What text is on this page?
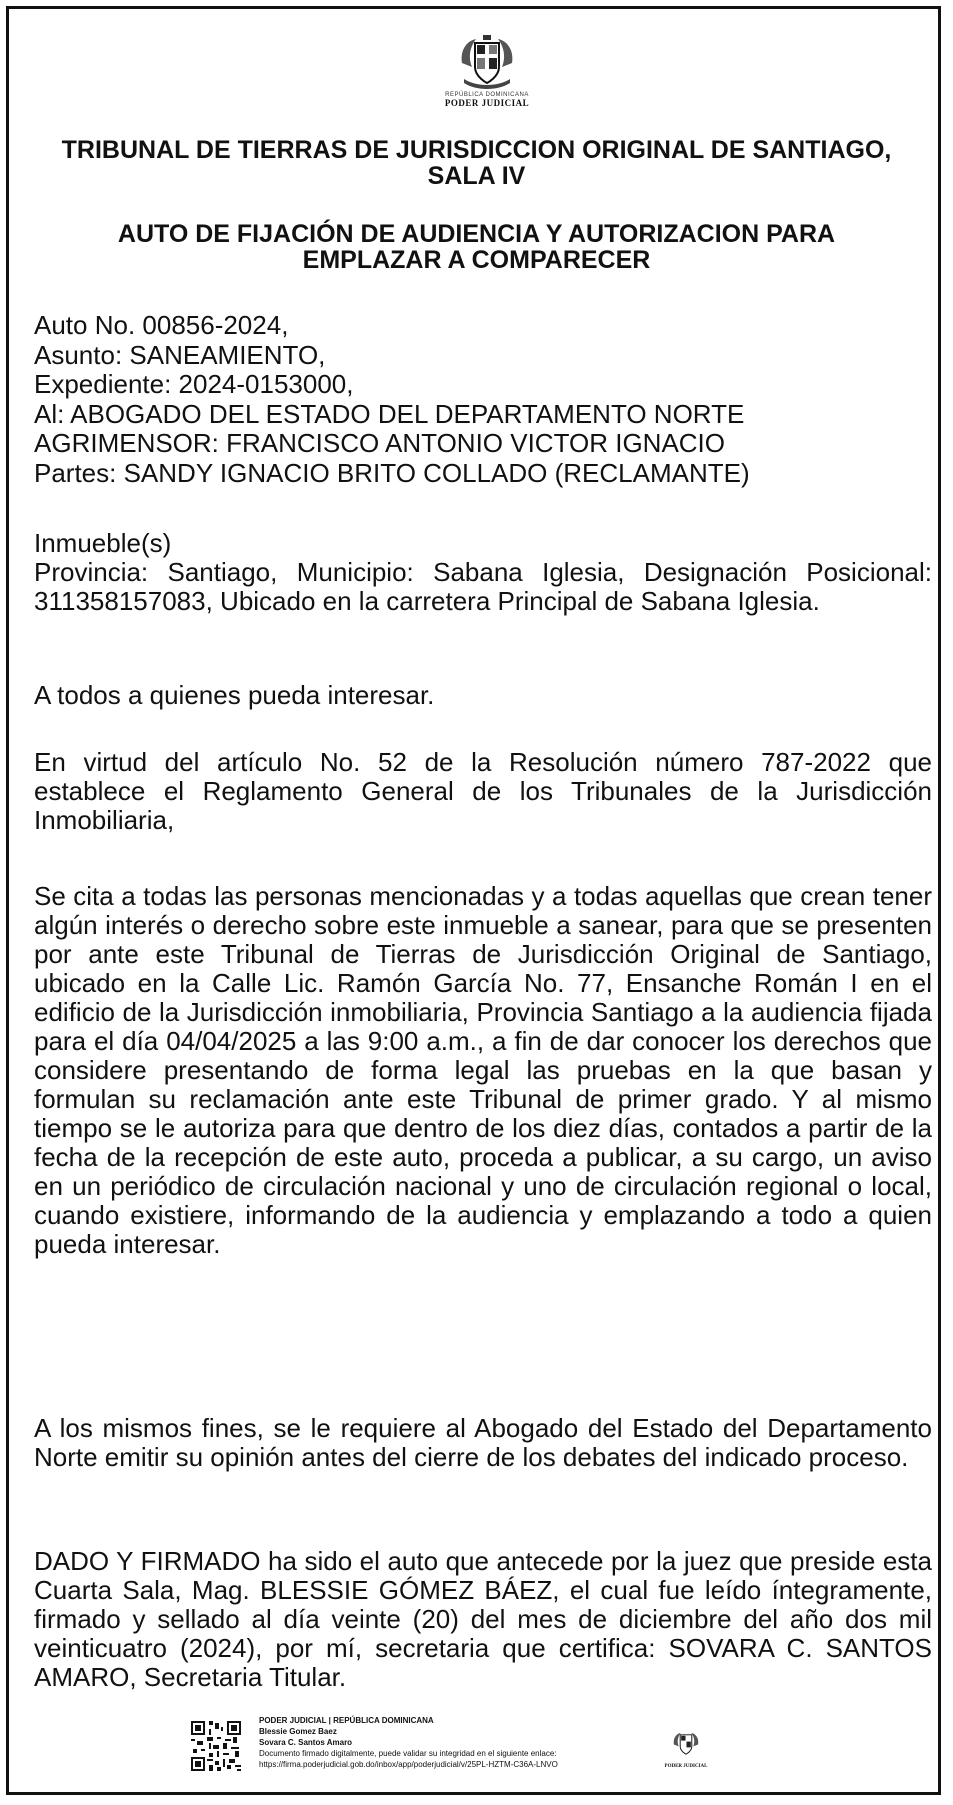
REPÚBLICA DOMINICANA
PODER JUDICIAL
TRIBUNAL DE TIERRAS DE JURISDICCION ORIGINAL DE SANTIAGO, SALA IV
AUTO DE FIJACIÓN DE AUDIENCIA Y AUTORIZACION PARA EMPLAZAR A COMPARECER
Auto No. 00856-2024,
Asunto: SANEAMIENTO,
Expediente: 2024-0153000,
Al: ABOGADO DEL ESTADO DEL DEPARTAMENTO NORTE
AGRIMENSOR: FRANCISCO ANTONIO VICTOR IGNACIO
Partes: SANDY IGNACIO BRITO COLLADO (RECLAMANTE)
Inmueble(s)
Provincia: Santiago, Municipio: Sabana Iglesia, Designación Posicional: 311358157083, Ubicado en la carretera Principal de Sabana Iglesia.
A todos a quienes pueda interesar.
En virtud del artículo No. 52 de la Resolución número 787-2022 que establece el Reglamento General de los Tribunales de la Jurisdicción Inmobiliaria,
Se cita a todas las personas mencionadas y a todas aquellas que crean tener algún interés o derecho sobre este inmueble a sanear, para que se presenten por ante este Tribunal de Tierras de Jurisdicción Original de Santiago, ubicado en la Calle Lic. Ramón García No. 77, Ensanche Román I en el edificio de la Jurisdicción inmobiliaria, Provincia Santiago a la audiencia fijada para el día 04/04/2025 a las 9:00 a.m., a fin de dar conocer los derechos que considere presentando de forma legal las pruebas en la que basan y formulan su reclamación ante este Tribunal de primer grado. Y al mismo tiempo se le autoriza para que dentro de los diez días, contados a partir de la fecha de la recepción de este auto, proceda a publicar, a su cargo, un aviso en un periódico de circulación nacional y uno de circulación regional o local, cuando existiere, informando de la audiencia y emplazando a todo a quien pueda interesar.
A los mismos fines, se le requiere al Abogado del Estado del Departamento Norte emitir su opinión antes del cierre de los debates del indicado proceso.
DADO Y FIRMADO ha sido el auto que antecede por la juez que preside esta Cuarta Sala, Mag. BLESSIE GÓMEZ BÁEZ, el cual fue leído íntegramente, firmado y sellado al día veinte (20) del mes de diciembre del año dos mil veinticuatro (2024), por mí, secretaria que certifica: SOVARA C. SANTOS AMARO, Secretaria Titular.
PODER JUDICIAL | REPÚBLICA DOMINICANA
Blessie Gomez Baez
Sovara C. Santos Amaro
Documento firmado digitalmente, puede validar su integridad en el siguiente enlace:
https://firma.poderjudicial.gob.do/inbox/app/poderjudicial/v/25PL-HZTM-C36A-LNVO	PODER JUDICIAL
